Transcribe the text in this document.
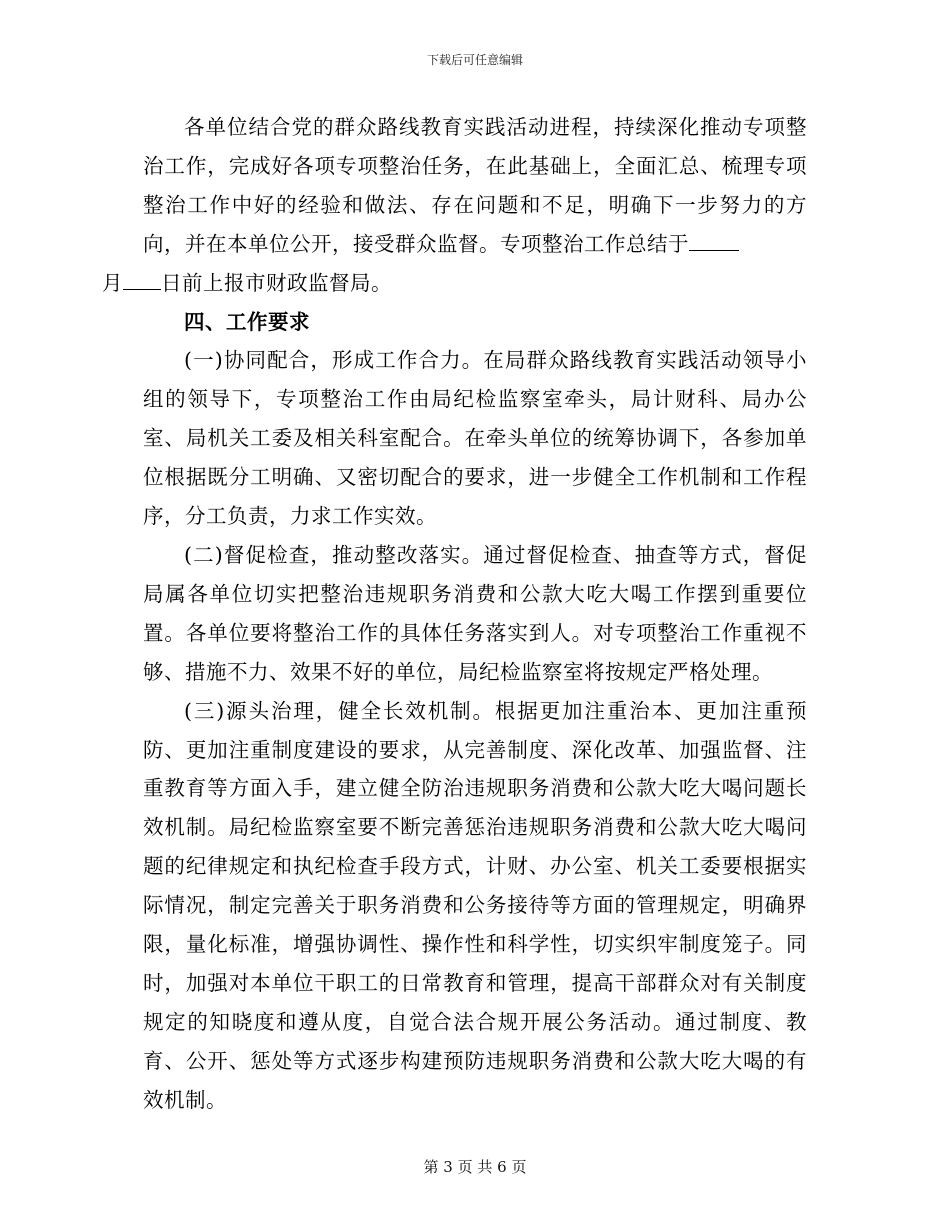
下载后可任意编辑

各单位结合党的群众路线教育实践活动进程，持续深化推动专项整治工作，完成好各项专项整治任务，在此基础上，全面汇总、梳理专项整治工作中好的经验和做法、存在问题和不足，明确下一步努力的方向，并在本单位公开，接受群众监督。专项整治工作总结于
月 日前上报市财政监督局。

四、工作要求

(一)协同配合，形成工作合力。在局群众路线教育实践活动领导小组的领导下，专项整治工作由局纪检监察室牵头，局计财科、局办公室、局机关工委及相关科室配合。在牵头单位的统筹协调下，各参加单位根据既分工明确、又密切配合的要求，进一步健全工作机制和工作程序，分工负责，力求工作实效。

(二)督促检查，推动整改落实。通过督促检查、抽查等方式，督促局属各单位切实把整治违规职务消费和公款大吃大喝工作摆到重要位置。各单位要将整治工作的具体任务落实到人。对专项整治工作重视不够、措施不力、效果不好的单位，局纪检监察室将按规定严格处理。

(三)源头治理，健全长效机制。根据更加注重治本、更加注重预防、更加注重制度建设的要求，从完善制度、深化改革、加强监督、注重教育等方面入手，建立健全防治违规职务消费和公款大吃大喝问题长效机制。局纪检监察室要不断完善惩治违规职务消费和公款大吃大喝问题的纪律规定和执纪检查手段方式，计财、办公室、机关工委要根据实际情况，制定完善关于职务消费和公务接待等方面的管理规定，明确界限，量化标准，增强协调性、操作性和科学性，切实织牢制度笼子。同时，加强对本单位干职工的日常教育和管理，提高干部群众对有关制度规定的知晓度和遵从度，自觉合法合规开展公务活动。通过制度、教育、公开、惩处等方式逐步构建预防违规职务消费和公款大吃大喝的有效机制。

第 3 页 共 6 页
